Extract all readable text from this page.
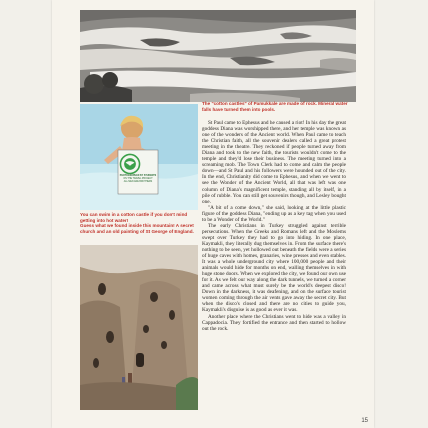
The "cotton castles" of Pamukkale are made of rock. Mineral water falls have turned them into pools.

PHOTOGRAPHED BY STUDENTS
ON THE TRAVEL PROJECT
ALL MEN ARE BROTHERS

You can swim in a cotton castle if you don't mind getting into hot water!

Guess what we found inside this mountain! A secret church and an old painting of St George of England.

St Paul came to Ephesus and he caused a riot! In his day the great goddess Diana was worshipped there, and her temple was known as one of the wonders of the Ancient world. When Paul came to teach the Christian faith, all the souvenir dealers called a great protest meeting in the theatre. They reckoned if people turned away from Diana and took to the new faith, the tourists wouldn't come to the temple and they'd lose their business. The meeting turned into a screaming mob. The Town Clerk had to come and calm the people down—and St Paul and his followers were hounded out of the city. In the end, Christianity did come to Ephesus, and when we went to see the Wonder of the Ancient World, all that was left was one column of Diana's magnificent temple, standing all by itself, in a pile of rubble. You can still get souvenirs though, and Lesley bought one.

"A bit of a come down," she said, looking at the little plastic figure of the goddess Diana, "ending up as a key tag when you used to be a Wonder of the World."

The early Christians in Turkey struggled against terrible persecutions. When the Greeks and Romans left and the Moslems swept over Turkey they had to go into hiding. In one place, Kaymakli, they literally dug themselves in. From the surface there's nothing to be seen, yet hollowed out beneath the fields were a series of huge caves with homes, granaries, wine presses and even stables. It was a whole underground city where 100,000 people and their animals would hide for months on end, walling themselves in with huge stone doors. When we explored the city, we found our own use for it. As we felt our way along the dark tunnels, we turned a corner and came across what must surely be the world's deepest disco! Down in the darkness, it was deafening, and on the surface tourist women coming through the air vents gave away the secret city. But when the disco's closed and there are no cities to guide you, Kaymakli's disguise is as good as ever it was.

Another place where the Christians went to hide was a valley in Cappadocia. They fortified the entrance and then started to hollow out the rock.

15
